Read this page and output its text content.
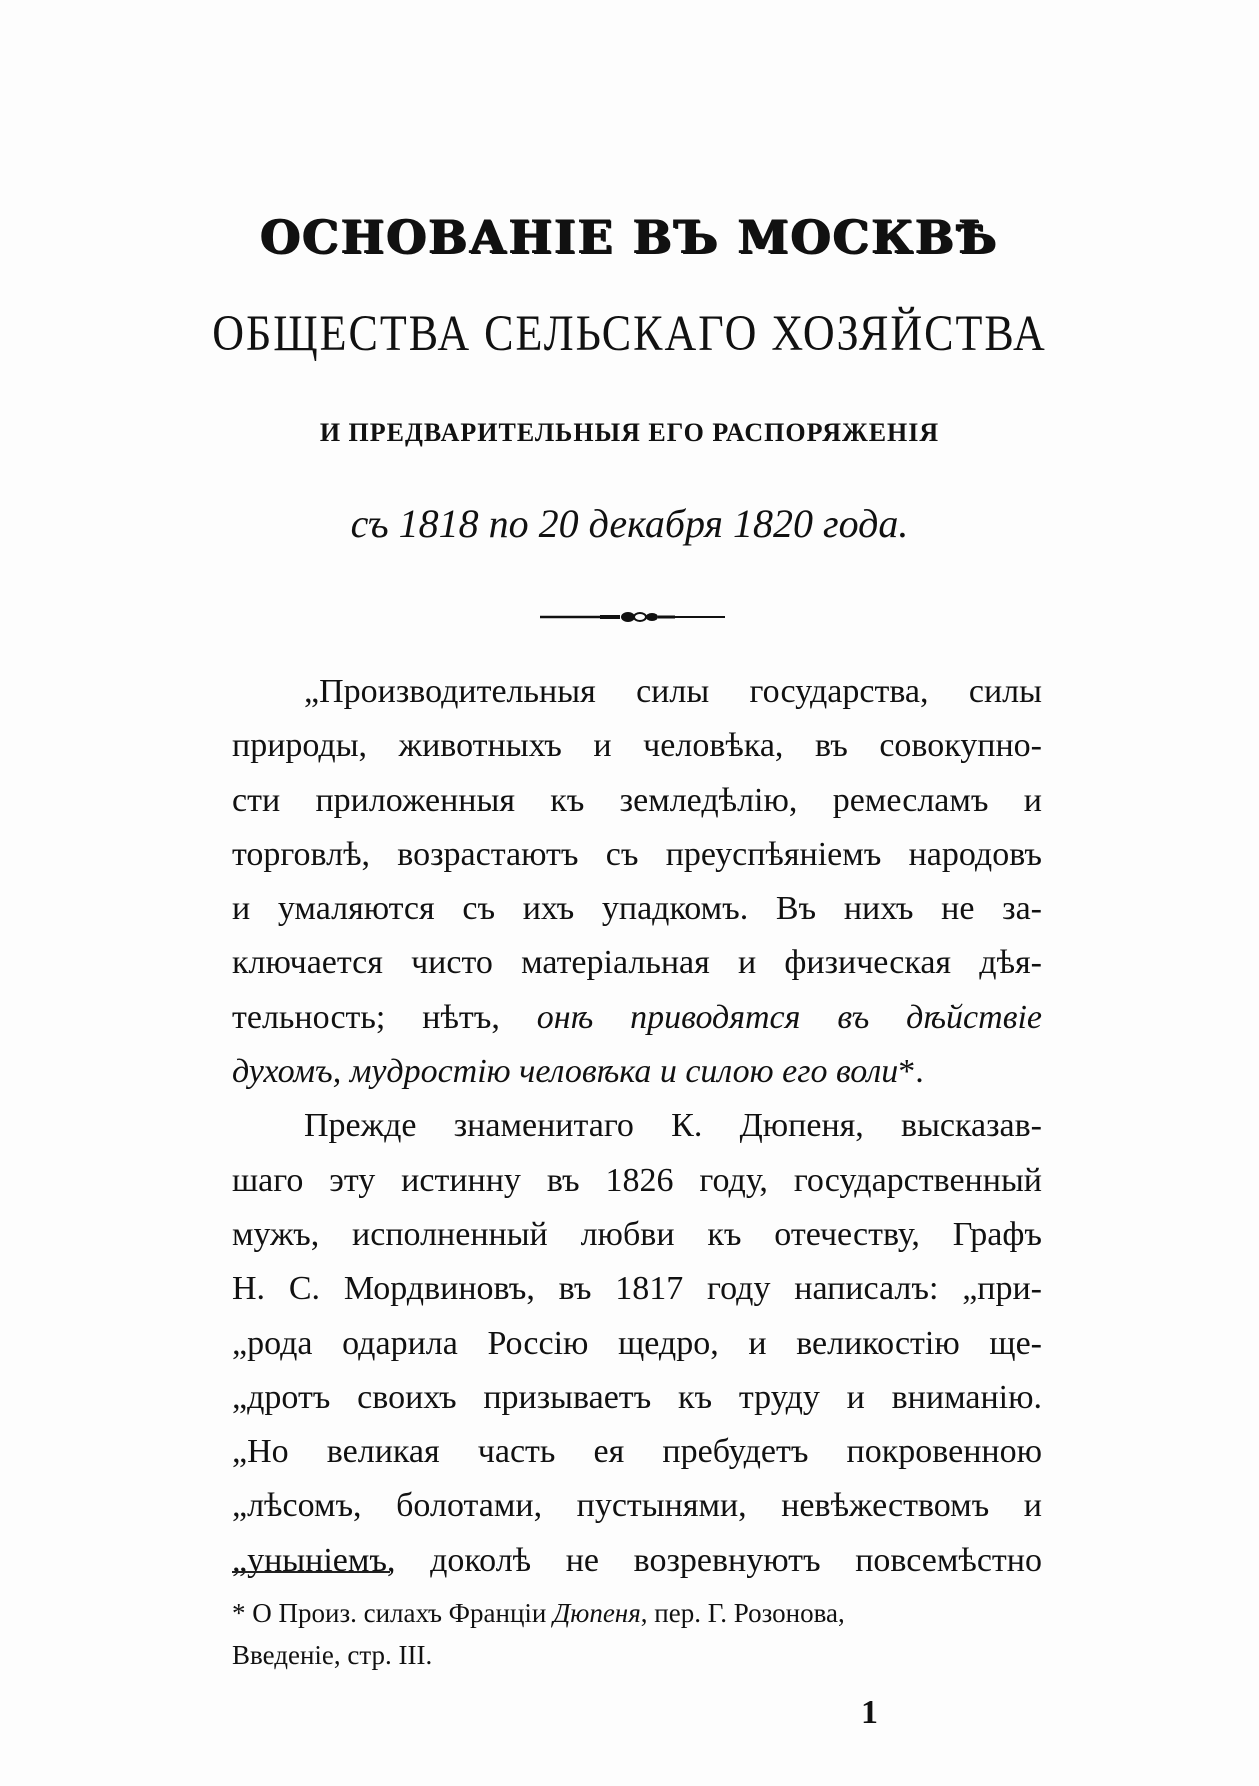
ОСНОВАНІЕ ВЪ МОСКВѢ
ОБЩЕСТВА СЕЛЬСКАГО ХОЗЯЙСТВА
И ПРЕДВАРИТЕЛЬНЫЯ ЕГО РАСПОРЯЖЕНІЯ
съ 1818 по 20 декабря 1820 года.
„Производительныя силы государства, силы
природы, животныхъ и человѣка, въ совокупно-
сти приложенныя къ земледѣлію, ремесламъ и
торговлѣ, возрастаютъ съ преуспѣяніемъ народовъ
и умаляются съ ихъ упадкомъ. Въ нихъ не за-
ключается чисто матеріальная и физическая дѣя-
тельность; нѣтъ, онѣ приводятся въ дѣйствіе
духомъ, мудростію человѣка и силою его воли*.
Прежде знаменитаго К. Дюпеня, высказав-
шаго эту истинну въ 1826 году, государственный
мужъ, исполненный любви къ отечеству, Графъ
Н. С. Мордвиновъ, въ 1817 году написалъ: „при-
„рода одарила Россію щедро, и великостію ще-
„дротъ своихъ призываетъ къ труду и вниманію.
„Но великая часть ея пребудетъ покровенною
„лѣсомъ, болотами, пустынями, невѣжествомъ и
„уныніемъ, доколѣ не возревнуютъ повсемѣстно
* О Произ. силахъ Франціи Дюпеня, пер. Г. Розонова,
Введеніе, стр. III.
1
